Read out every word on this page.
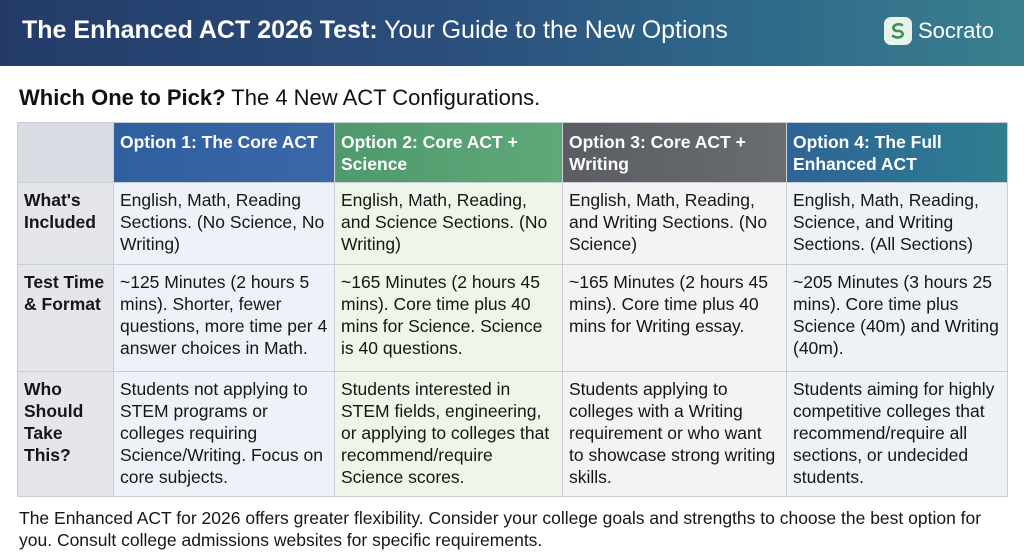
The Enhanced ACT 2026 Test: Your Guide to the New Options	Socrato
Which One to Pick? The 4 New ACT Configurations.
	Option 1: The Core ACT	Option 2: Core ACT + Science	Option 3: Core ACT + Writing	Option 4: The Full Enhanced ACT
What's Included	English, Math, Reading Sections. (No Science, No Writing)	English, Math, Reading, and Science Sections. (No Writing)	English, Math, Reading, and Writing Sections. (No Science)	English, Math, Reading, Science, and Writing Sections. (All Sections)
Test Time & Format	~125 Minutes (2 hours 5 mins). Shorter, fewer questions, more time per 4 answer choices in Math.	~165 Minutes (2 hours 45 mins). Core time plus 40 mins for Science. Science is 40 questions.	~165 Minutes (2 hours 45 mins). Core time plus 40 mins for Writing essay.	~205 Minutes (3 hours 25 mins). Core time plus Science (40m) and Writing (40m).
Who Should Take This?	Students not applying to STEM programs or colleges requiring Science/Writing. Focus on core subjects.	Students interested in STEM fields, engineering, or applying to colleges that recommend/require Science scores.	Students applying to colleges with a Writing requirement or who want to showcase strong writing skills.	Students aiming for highly competitive colleges that recommend/require all sections, or undecided students.
The Enhanced ACT for 2026 offers greater flexibility. Consider your college goals and strengths to choose the best option for you. Consult college admissions websites for specific requirements.
